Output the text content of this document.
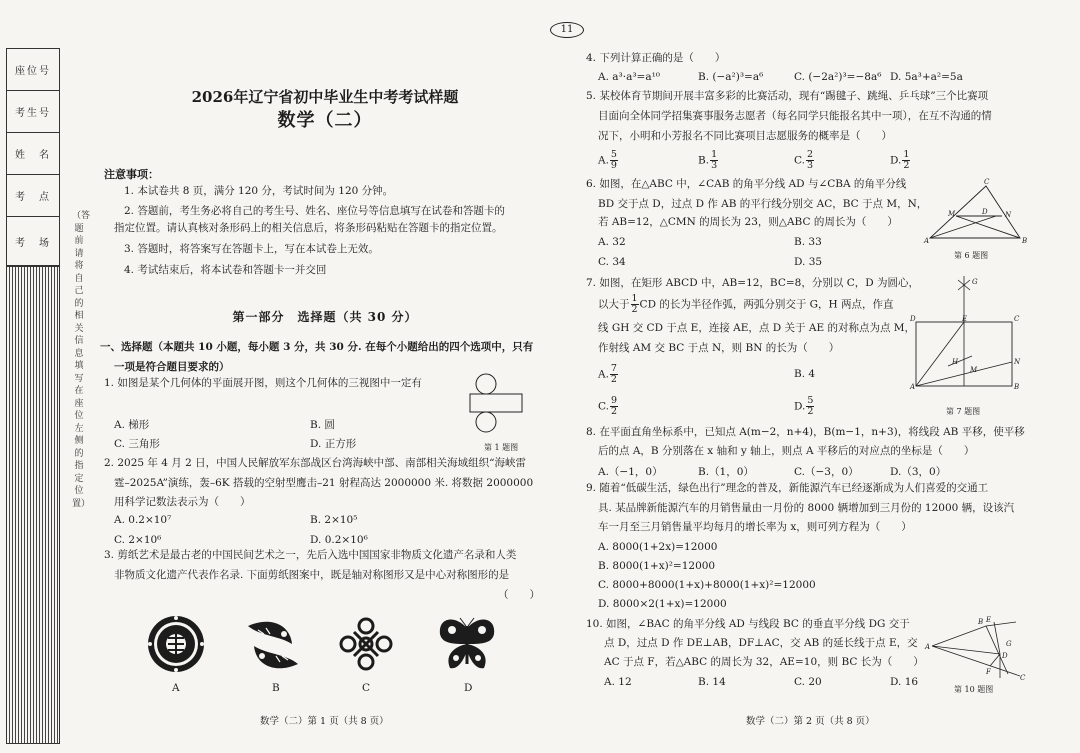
座位号
考生号
姓　名
考　点
考　场
（答题前请将自己的相关信息填写在座位左侧的指定位置）
11
2026年辽宁省初中毕业生中考考试样题
数学（二）
注意事项：
1. 本试卷共 8 页，满分 120 分，考试时间为 120 分钟。
2. 答题前，考生务必将自己的考生号、姓名、座位号等信息填写在试卷和答题卡的
指定位置。请认真核对条形码上的相关信息后，将条形码粘贴在答题卡的指定位置。
3. 答题时，将答案写在答题卡上，写在本试卷上无效。
4. 考试结束后，将本试卷和答题卡一并交回
第一部分　选择题（共 30 分）
一、选择题（本题共 10 小题，每小题 3 分，共 30 分. 在每个小题给出的四个选项中，只有
一项是符合题目要求的）
1. 如图是某个几何体的平面展开图，则这个几何体的三视图中一定有
A. 梯形	B. 圆
C. 三角形	D. 正方形	第 1 题图
2. 2025 年 4 月 2 日，中国人民解放军东部战区台湾海峡中部、南部相关海域组织“海峡雷
霆–2025A”演练，轰–6K 搭载的空射型鹰击–21 射程高达 2000000 米. 将数据 2000000
用科学记数法表示为（　　）
A. 0.2×10⁷	B. 2×10⁵
C. 2×10⁶	D. 0.2×10⁶
3. 剪纸艺术是最古老的中国民间艺术之一，先后入选中国国家非物质文化遗产名录和人类
非物质文化遗产代表作名录. 下面剪纸图案中，既是轴对称图形又是中心对称图形的是
（　　）
A	B	C	D
数学（二）第 1 页（共 8 页）
4. 下列计算正确的是（　　）
A. a³·a³=a¹⁰	B. (−a²)³=a⁶	C. (−2a²)³=−8a⁶ D. 5a³+a²=5a
5. 某校体育节期间开展丰富多彩的比赛活动，现有“踢毽子、跳绳、乒乓球”三个比赛项
目面向全体同学招集赛事服务志愿者（每名同学只能报名其中一项），在互不沟通的情
况下，小明和小芳报名不同比赛项目志愿服务的概率是（　　）
A. $\frac{5}{9}$	B. $\frac{1}{3}$	C. $\frac{2}{3}$	D. $\frac{1}{2}$
6. 如图，在△ABC 中，∠CAB 的角平分线 AD 与∠CBA 的角平分线
BD 交于点 D，过点 D 作 AB 的平行线分别交 AC，BC 于点 M，N，
若 AB=12，△CMN 的周长为 23，则△ABC 的周长为（　　）
A. 32	B. 33
C. 34	D. 35
C
M	D N
A	B
第 6 题图
7. 如图，在矩形 ABCD 中，AB=12，BC=8，分别以 C，D 为圆心，
以大于 $\frac{1}{2}$ CD 的长为半径作弧，两弧分别交于 G，H 两点，作直
线 GH 交 CD 于点 E，连接 AE，点 D 关于 AE 的对称点为点 M，
作射线 AM 交 BC 于点 N，则 BN 的长为（　　）
A. $\frac{7}{2}$	B. 4
C. $\frac{9}{2}$	D. $\frac{5}{2}$
D	E	C
M
N
A	B
G
H
第 7 题图
8. 在平面直角坐标系中，已知点 A(m−2，n+4)，B(m−1，n+3)，将线段 AB 平移，使平移
后的点 A，B 分别落在 x 轴和 y 轴上，则点 A 平移后的对应点的坐标是（　　）
A.（−1，0）	B.（1，0）	C.（−3，0）	D.（3，0）
9. 随着“低碳生活，绿色出行”理念的普及，新能源汽车已经逐渐成为人们喜爱的交通工
具. 某品牌新能源汽车的月销售量由一月份的 8000 辆增加到三月份的 12000 辆，设该汽
车一月至三月销售量平均每月的增长率为 x，则可列方程为（　　）
A. 8000(1+2x)=12000
B. 8000(1+x)²=12000
C. 8000+8000(1+x)+8000(1+x)²=12000
D. 8000×2(1+x)=12000
10. 如图，∠BAC 的角平分线 AD 与线段 BC 的垂直平分线 DG 交于
点 D，过点 D 作 DE⊥AB，DF⊥AC，交 AB 的延长线于点 E，交
AC 于点 F，若△ABC 的周长为 32，AE=10，则 BC 长为（　　）
A. 12	B. 14	C. 20	D. 16
E
B
A	G
D
F
C
第 10 题图
数学（二）第 2 页（共 8 页）
